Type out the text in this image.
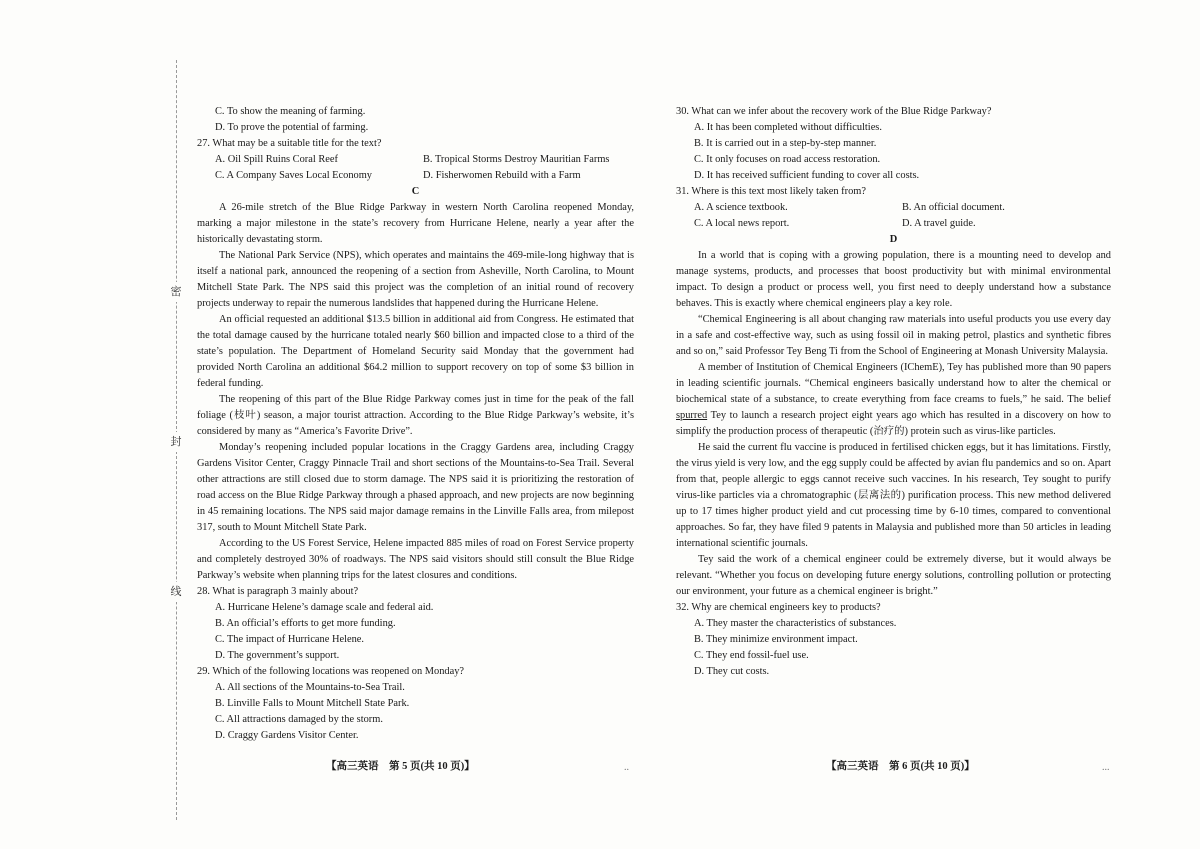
密
封
线
C. To show the meaning of farming.
D. To prove the potential of farming.
27. What may be a suitable title for the text?
A. Oil Spill Ruins Coral Reef	B. Tropical Storms Destroy Mauritian Farms
C. A Company Saves Local Economy	D. Fisherwomen Rebuild with a Farm
C
A 26-mile stretch of the Blue Ridge Parkway in western North Carolina reopened Monday, marking a major milestone in the state’s recovery from Hurricane Helene, nearly a year after the historically devastating storm.
The National Park Service (NPS), which operates and maintains the 469-mile-long highway that is itself a national park, announced the reopening of a section from Asheville, North Carolina, to Mount Mitchell State Park. The NPS said this project was the completion of an initial round of recovery projects underway to repair the numerous landslides that happened during the Hurricane Helene.
An official requested an additional $13.5 billion in additional aid from Congress. He estimated that the total damage caused by the hurricane totaled nearly $60 billion and impacted close to a third of the state’s population. The Department of Homeland Security said Monday that the government had provided North Carolina an additional $64.2 million to support recovery on top of some $3 billion in federal funding.
The reopening of this part of the Blue Ridge Parkway comes just in time for the peak of the fall foliage (枝叶) season, a major tourist attraction. According to the Blue Ridge Parkway’s website, it’s considered by many as “America’s Favorite Drive”.
Monday’s reopening included popular locations in the Craggy Gardens area, including Craggy Gardens Visitor Center, Craggy Pinnacle Trail and short sections of the Mountains-to-Sea Trail. Several other attractions are still closed due to storm damage. The NPS said it is prioritizing the restoration of road access on the Blue Ridge Parkway through a phased approach, and new projects are now beginning in 45 remaining locations. The NPS said major damage remains in the Linville Falls area, from milepost 317, south to Mount Mitchell State Park.
According to the US Forest Service, Helene impacted 885 miles of road on Forest Service property and completely destroyed 30% of roadways. The NPS said visitors should still consult the Blue Ridge Parkway’s website when planning trips for the latest closures and conditions.
28. What is paragraph 3 mainly about?
A. Hurricane Helene’s damage scale and federal aid.
B. An official’s efforts to get more funding.
C. The impact of Hurricane Helene.
D. The government’s support.
29. Which of the following locations was reopened on Monday?
A. All sections of the Mountains-to-Sea Trail.
B. Linville Falls to Mount Mitchell State Park.
C. All attractions damaged by the storm.
D. Craggy Gardens Visitor Center.
【高三英语　第 5 页(共 10 页)】	..
30. What can we infer about the recovery work of the Blue Ridge Parkway?
A. It has been completed without difficulties.
B. It is carried out in a step-by-step manner.
C. It only focuses on road access restoration.
D. It has received sufficient funding to cover all costs.
31. Where is this text most likely taken from?
A. A science textbook.	B. An official document.
C. A local news report.	D. A travel guide.
D
In a world that is coping with a growing population, there is a mounting need to develop and manage systems, products, and processes that boost productivity but with minimal environmental impact. To design a product or process well, you first need to deeply understand how a substance behaves. This is exactly where chemical engineers play a key role.
“Chemical Engineering is all about changing raw materials into useful products you use every day in a safe and cost-effective way, such as using fossil oil in making petrol, plastics and synthetic fibres and so on,” said Professor Tey Beng Ti from the School of Engineering at Monash University Malaysia.
A member of Institution of Chemical Engineers (IChemE), Tey has published more than 90 papers in leading scientific journals. “Chemical engineers basically understand how to alter the chemical or biochemical state of a substance, to create everything from face creams to fuels,” he said. The belief spurred Tey to launch a research project eight years ago which has resulted in a discovery on how to simplify the production process of therapeutic (治疗的) protein such as virus-like particles.
He said the current flu vaccine is produced in fertilised chicken eggs, but it has limitations. Firstly, the virus yield is very low, and the egg supply could be affected by avian flu pandemics and so on. Apart from that, people allergic to eggs cannot receive such vaccines. In his research, Tey sought to purify virus-like particles via a chromatographic (层离法的) purification process. This new method delivered up to 17 times higher product yield and cut processing time by 6-10 times, compared to conventional approaches. So far, they have filed 9 patents in Malaysia and published more than 50 articles in leading international scientific journals.
Tey said the work of a chemical engineer could be extremely diverse, but it would always be relevant. “Whether you focus on developing future energy solutions, controlling pollution or protecting our environment, your future as a chemical engineer is bright.”
32. Why are chemical engineers key to products?
A. They master the characteristics of substances.
B. They minimize environment impact.
C. They end fossil-fuel use.
D. They cut costs.
【高三英语　第 6 页(共 10 页)】	...
